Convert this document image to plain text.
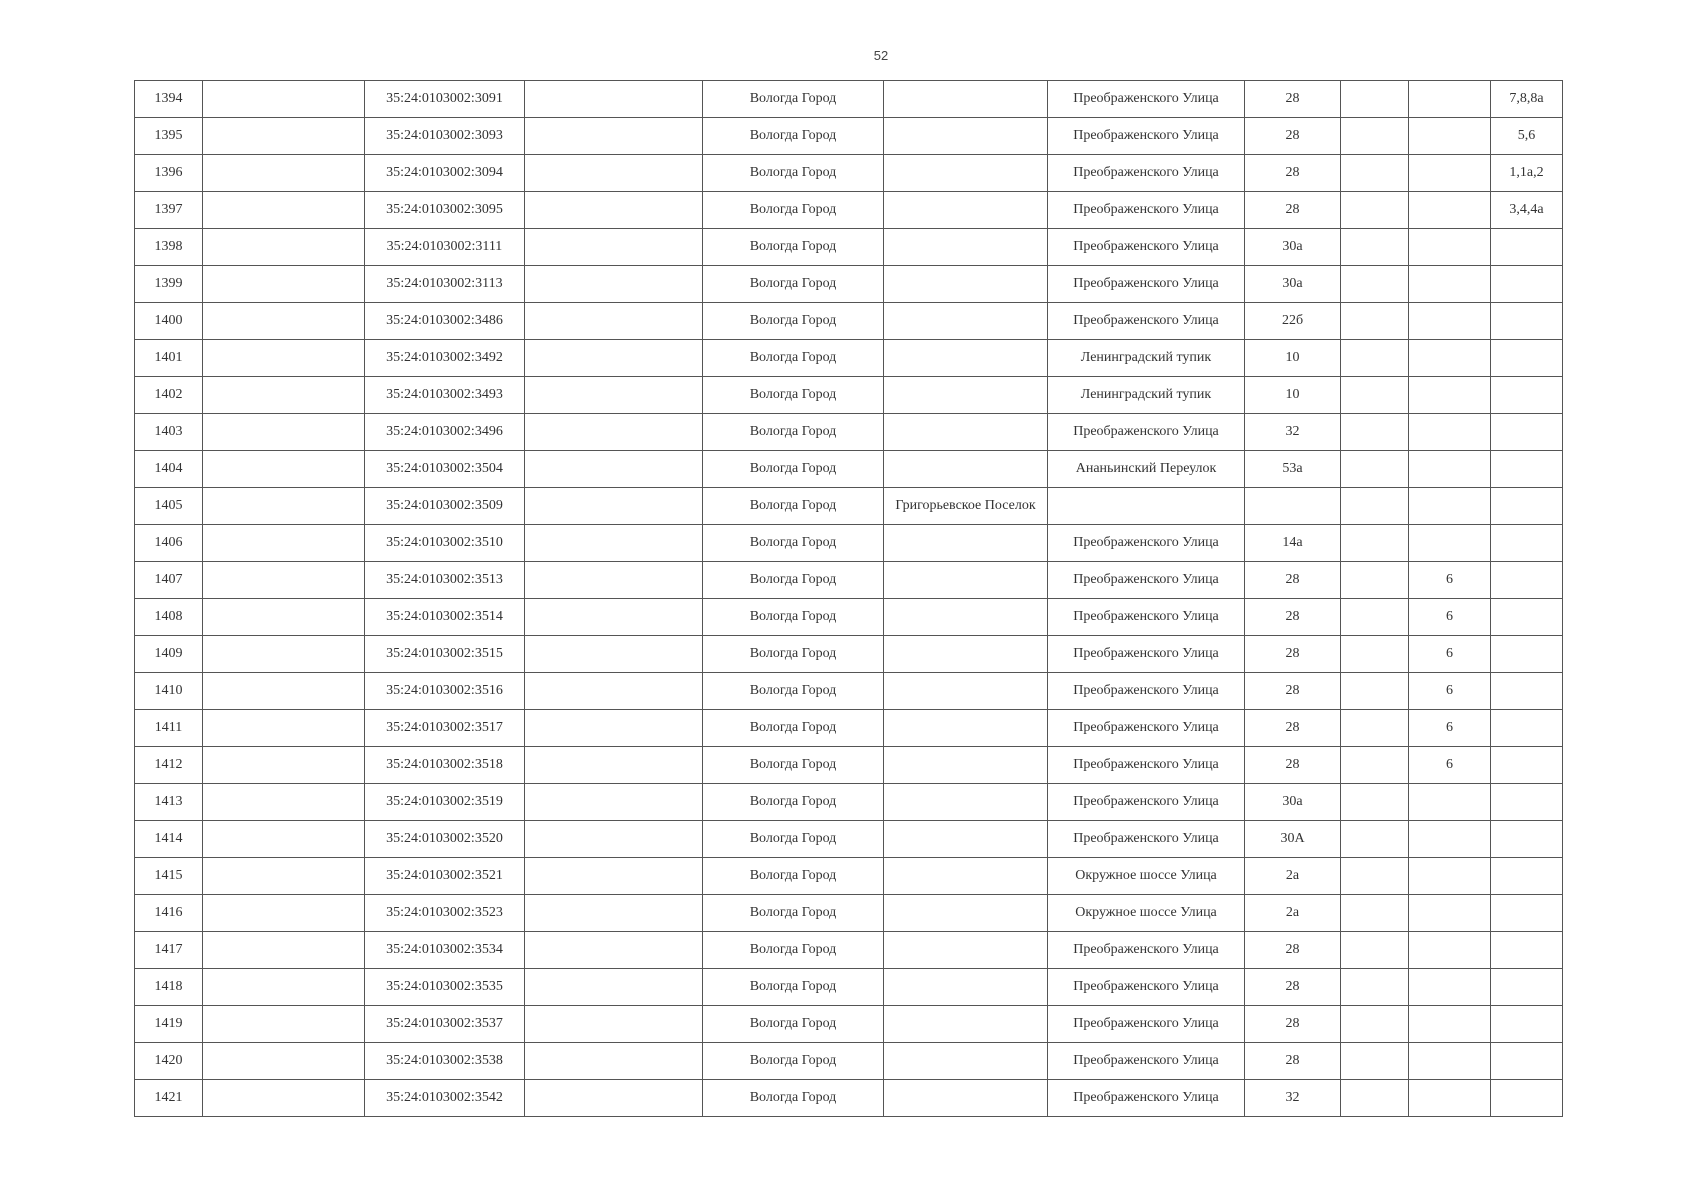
52
1394		35:24:0103002:3091		Вологда Город		Преображенского Улица	28			7,8,8а
1395		35:24:0103002:3093		Вологда Город		Преображенского Улица	28			5,6
1396		35:24:0103002:3094		Вологда Город		Преображенского Улица	28			1,1а,2
1397		35:24:0103002:3095		Вологда Город		Преображенского Улица	28			3,4,4а
1398		35:24:0103002:3111		Вологда Город		Преображенского Улица	30а			
1399		35:24:0103002:3113		Вологда Город		Преображенского Улица	30а			
1400		35:24:0103002:3486		Вологда Город		Преображенского Улица	22б			
1401		35:24:0103002:3492		Вологда Город		Ленинградский тупик	10			
1402		35:24:0103002:3493		Вологда Город		Ленинградский тупик	10			
1403		35:24:0103002:3496		Вологда Город		Преображенского Улица	32			
1404		35:24:0103002:3504		Вологда Город		Ананьинский Переулок	53а			
1405		35:24:0103002:3509		Вологда Город	Григорьевское Поселок					
1406		35:24:0103002:3510		Вологда Город		Преображенского Улица	14а			
1407		35:24:0103002:3513		Вологда Город		Преображенского Улица	28		6	
1408		35:24:0103002:3514		Вологда Город		Преображенского Улица	28		6	
1409		35:24:0103002:3515		Вологда Город		Преображенского Улица	28		6	
1410		35:24:0103002:3516		Вологда Город		Преображенского Улица	28		6	
1411		35:24:0103002:3517		Вологда Город		Преображенского Улица	28		6	
1412		35:24:0103002:3518		Вологда Город		Преображенского Улица	28		6	
1413		35:24:0103002:3519		Вологда Город		Преображенского Улица	30а			
1414		35:24:0103002:3520		Вологда Город		Преображенского Улица	30А			
1415		35:24:0103002:3521		Вологда Город		Окружное шоссе Улица	2а			
1416		35:24:0103002:3523		Вологда Город		Окружное шоссе Улица	2а			
1417		35:24:0103002:3534		Вологда Город		Преображенского Улица	28			
1418		35:24:0103002:3535		Вологда Город		Преображенского Улица	28			
1419		35:24:0103002:3537		Вологда Город		Преображенского Улица	28			
1420		35:24:0103002:3538		Вологда Город		Преображенского Улица	28			
1421		35:24:0103002:3542		Вологда Город		Преображенского Улица	32			
